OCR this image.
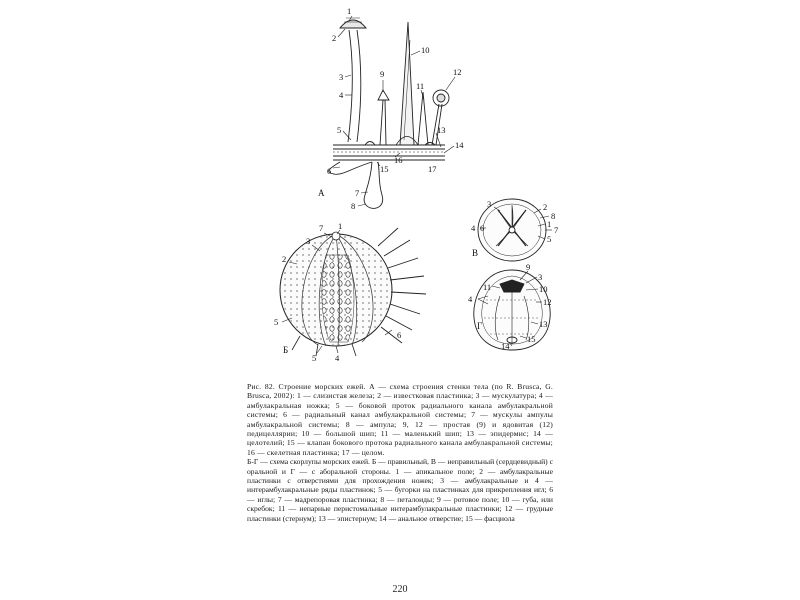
1
2
3
4
5
6
7
8
9
10
11
12
13
14
15
16
17
А
7 1
2
3
5
5 4
6
Б
3	2
8
1
7
5
4 6
В
9
3
11	10
4	12
13
14
15
Г

Рис. 82. Строение морских ежей. А — схема строения стенки тела (по R. Brusca, G. Brusca, 2002): 1 — слизистая железа; 2 — известковая пластинка; 3 — мускулатура; 4 — амбулакральная ножка; 5 — боковой проток радиального канала амбулакральной системы; 6 — радиальный канал амбулакральной системы; 7 — мускулы ампулы амбулакральной системы; 8 — ампула; 9, 12 — простая (9) и ядовитая (12) педицеллярии; 10 — большой шип; 11 — маленький шип; 13 — эпидермис; 14 — целотелий; 15 — клапан бокового протока радиального канала амбулакральной системы; 16 — скелетная пластинка; 17 — целом.

Б-Г — схема скорлупы морских ежей. Б — правильный, В — неправильный (сердцевидный) с оральной и Г — с аборальной стороны. 1 — апикальное поле; 2 — амбулакральные пластинки с отверстиями для прохождения ножек; 3 — амбулакральные и 4 — интерамбулакральные ряды пластинок; 5 — бугорки на пластинках для прикрепления игл; 6 — иглы; 7 — мадрепоровая пластинка; 8 — петалоиды; 9 — ротовое поле; 10 — губа, или скребок; 11 — непарные перистомальные интерамбулакральные пластинки; 12 — грудные пластинки (стернум); 13 — эпистернум; 14 — анальное отверстие; 15 — фасциола

220
